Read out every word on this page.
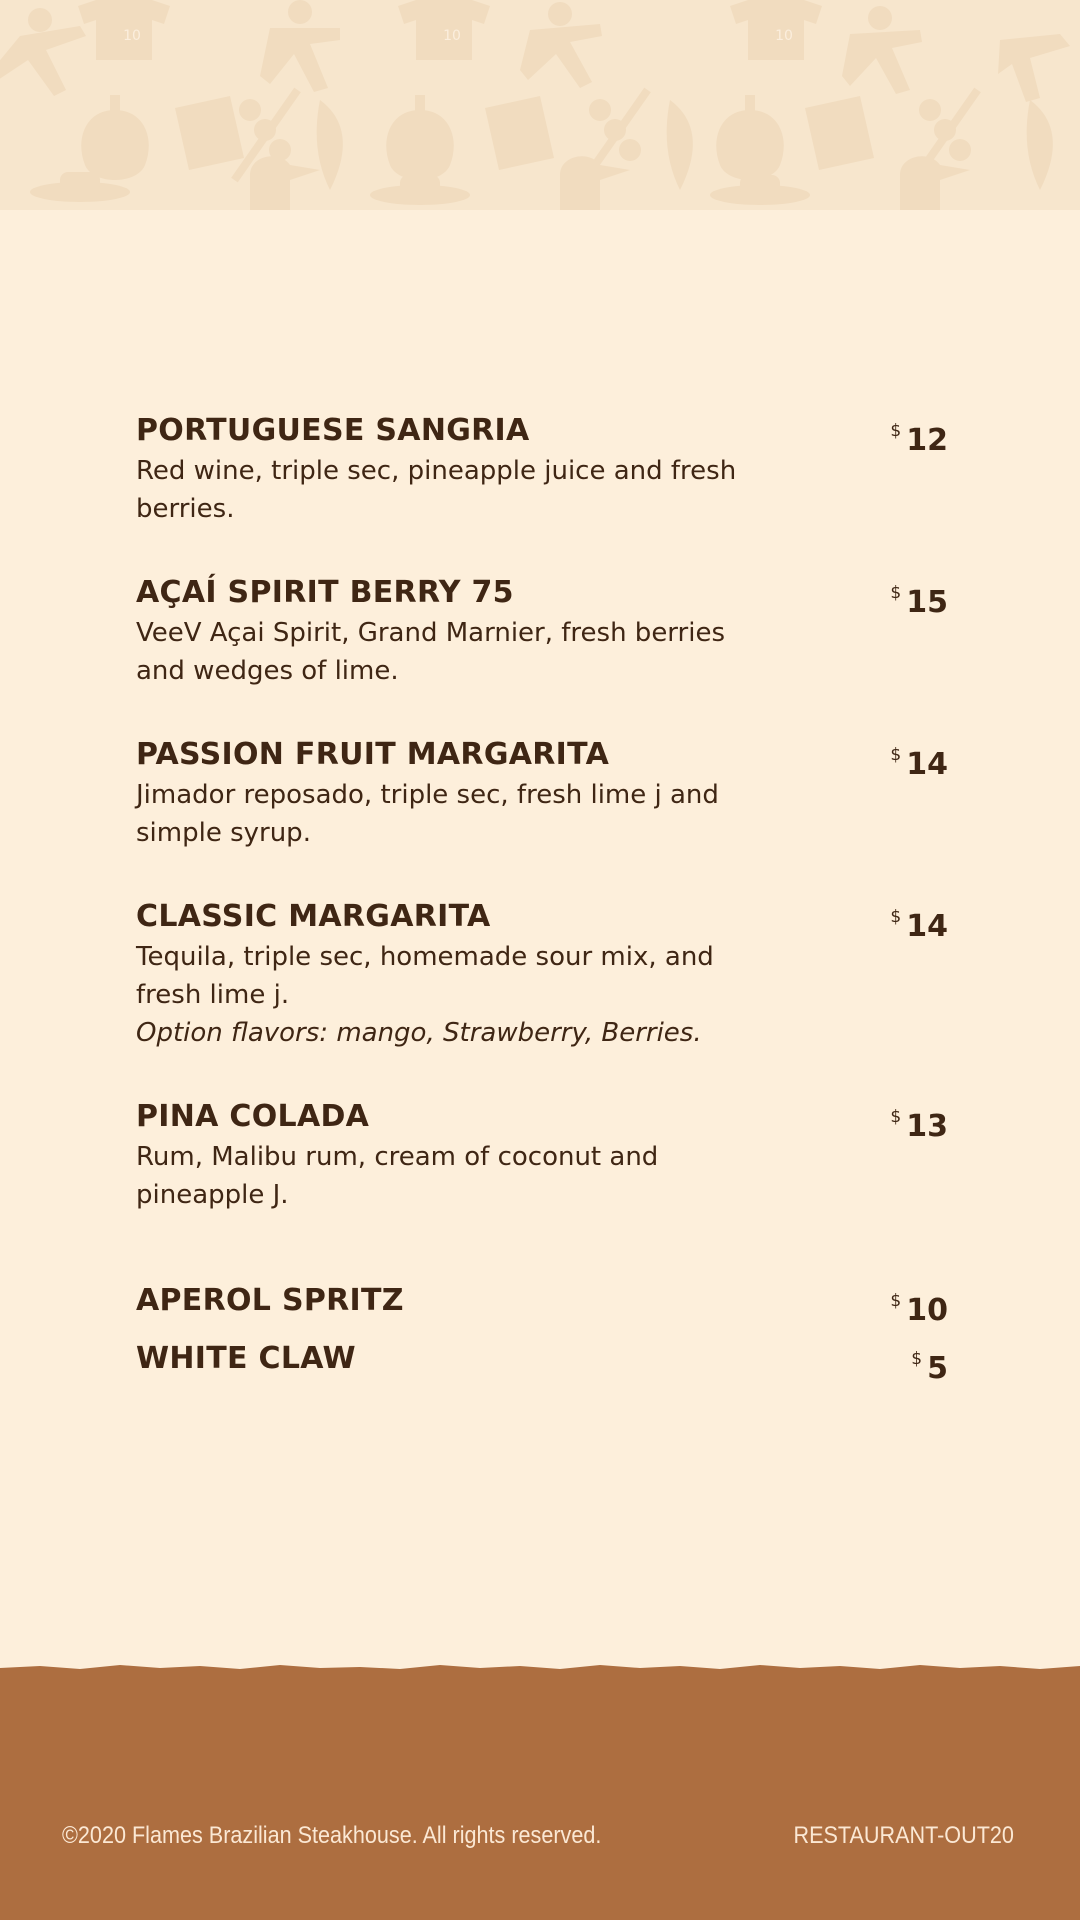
10	10	10
PORTUGUESE SANGRIA	$ 12
Red wine, triple sec, pineapple juice and fresh berries.
AÇAÍ SPIRIT BERRY 75	$ 15
VeeV Açai Spirit, Grand Marnier, fresh berries and wedges of lime.
PASSION FRUIT MARGARITA	$ 14
Jimador reposado, triple sec, fresh lime j and simple syrup.
CLASSIC MARGARITA	$ 14
Tequila, triple sec, homemade sour mix, and fresh lime j.
Option flavors: mango, Strawberry, Berries.
PINA COLADA	$ 13
Rum, Malibu rum, cream of coconut and pineapple J.
APEROL SPRITZ	$ 10
WHITE CLAW	$ 5
©2020 Flames Brazilian Steakhouse. All rights reserved.	RESTAURANT-OUT20
